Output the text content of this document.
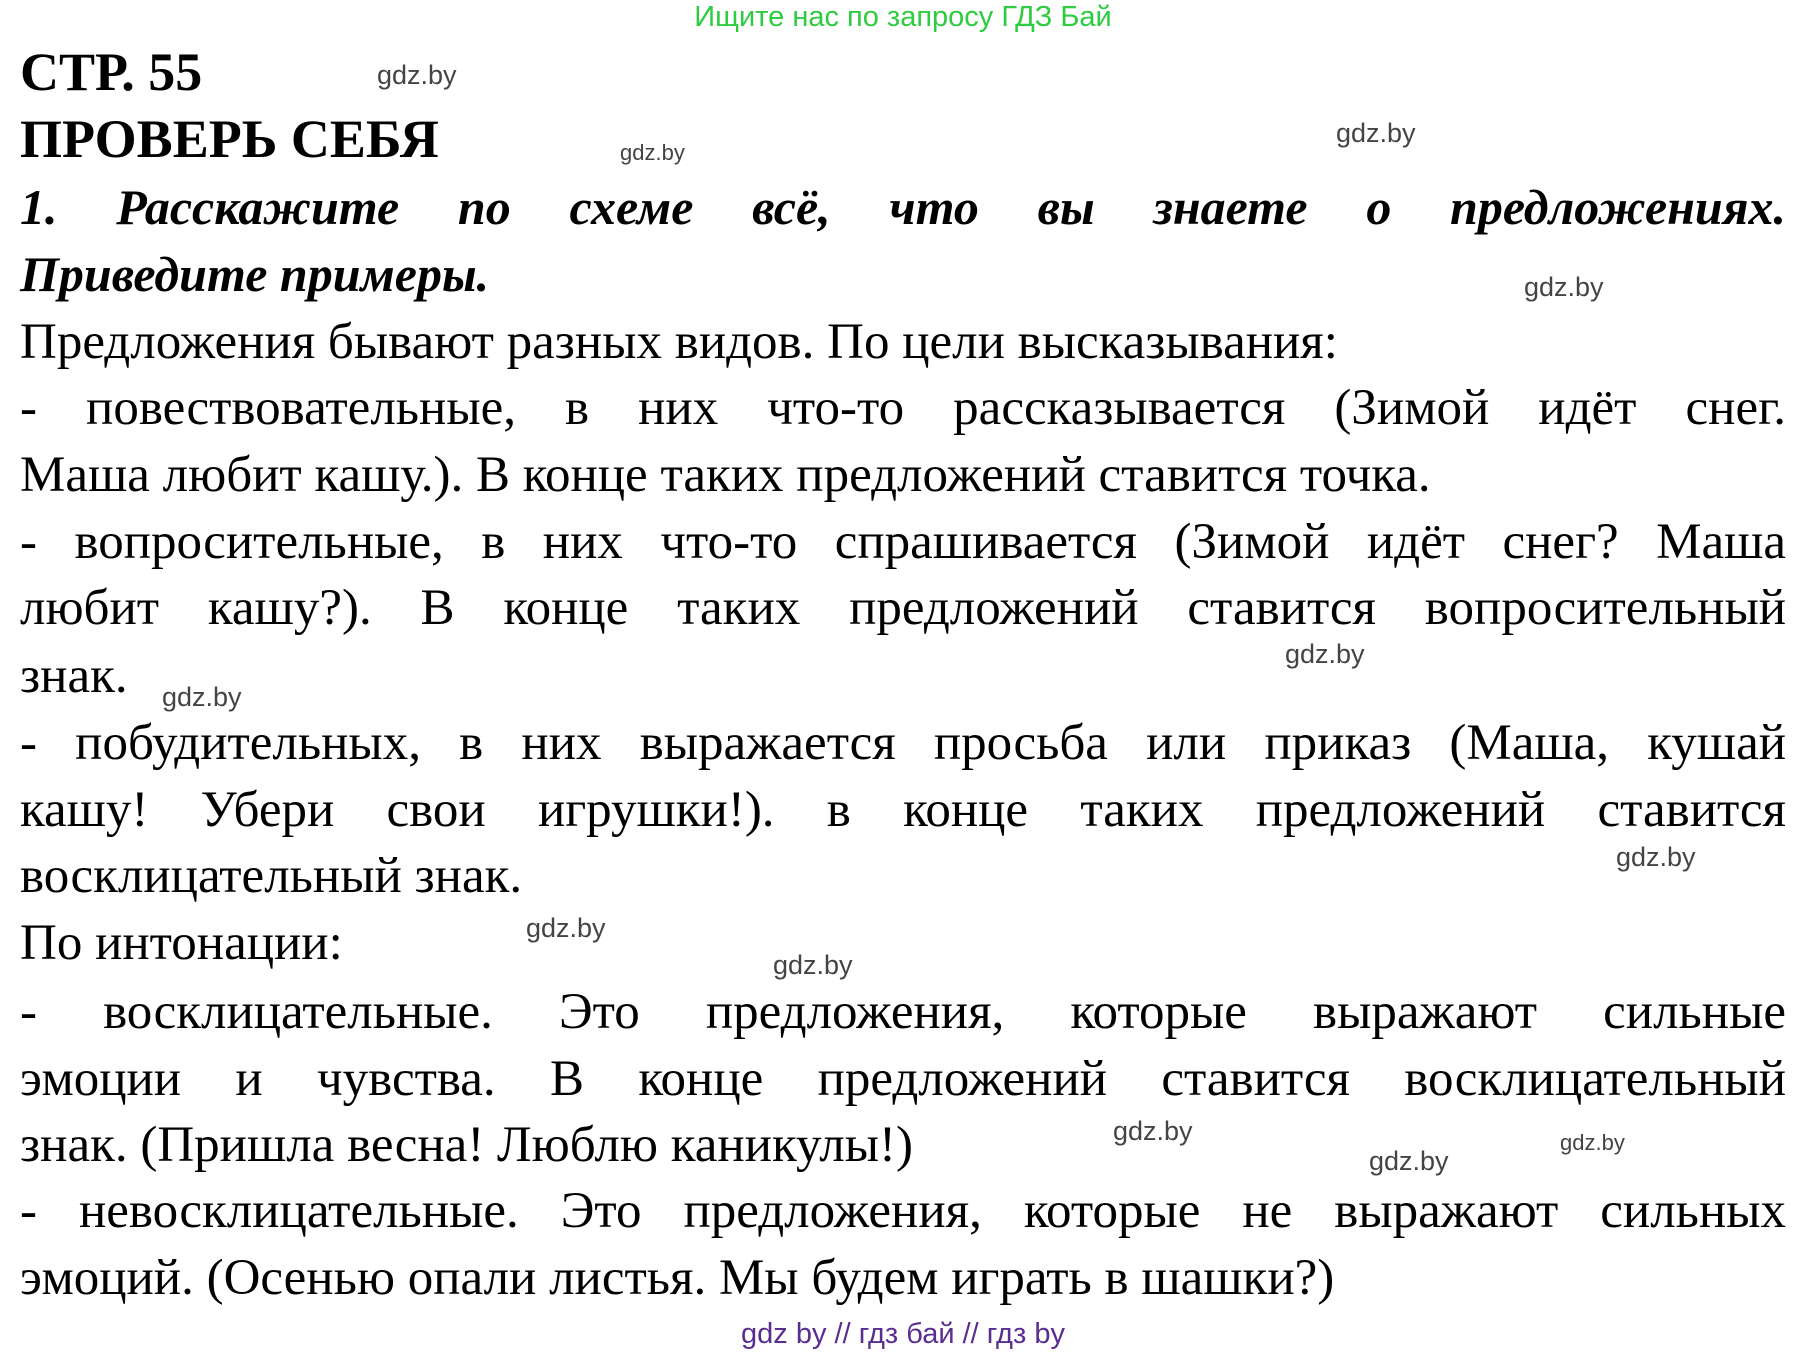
Ищите нас по запросу ГДЗ Бай
СТР. 55
ПРОВЕРЬ СЕБЯ
1. Расскажите по схеме всё, что вы знаете о предложениях.
Приведите примеры.
Предложения бывают разных видов. По цели высказывания:
- повествовательные, в них что-то рассказывается (Зимой идёт снег.
Маша любит кашу.). В конце таких предложений ставится точка.
- вопросительные, в них что-то спрашивается (Зимой идёт снег? Маша
любит кашу?). В конце таких предложений ставится вопросительный
знак.
- побудительных, в них выражается просьба или приказ (Маша, кушай
кашу! Убери свои игрушки!). в конце таких предложений ставится
восклицательный знак.
По интонации:
- восклицательные. Это предложения, которые выражают сильные
эмоции и чувства. В конце предложений ставится восклицательный
знак. (Пришла весна! Люблю каникулы!)
- невосклицательные. Это предложения, которые не выражают сильных
эмоций. (Осенью опали листья. Мы будем играть в шашки?)
gdz.by
gdz.by
gdz.by
gdz.by
gdz.by
gdz.by
gdz.by
gdz.by
gdz.by
gdz.by
gdz.by
gdz.by
gdz by // гдз бай // гдз by
